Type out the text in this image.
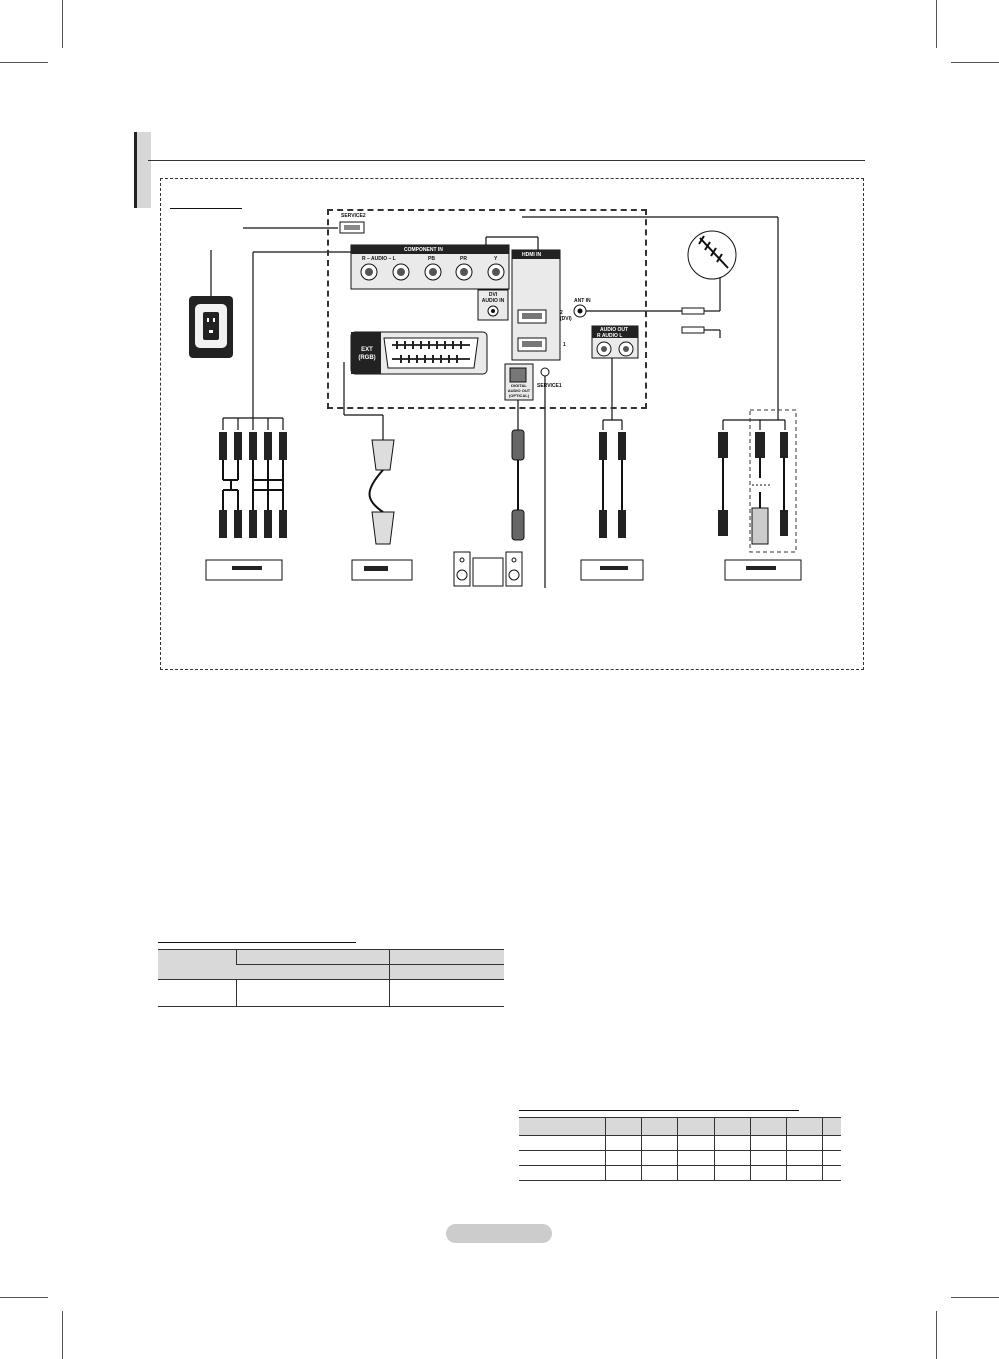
SERVICE2
COMPONENT IN
R – AUDIO – L	PB	PR	Y
DVI AUDIO IN
HDMI IN
2 (DVI)
1
ANT IN
AUDIO OUT
R AUDIO L
EXT
(RGB)
DIGITAL
AUDIO OUT
(OPTICAL)
SERVICE1
